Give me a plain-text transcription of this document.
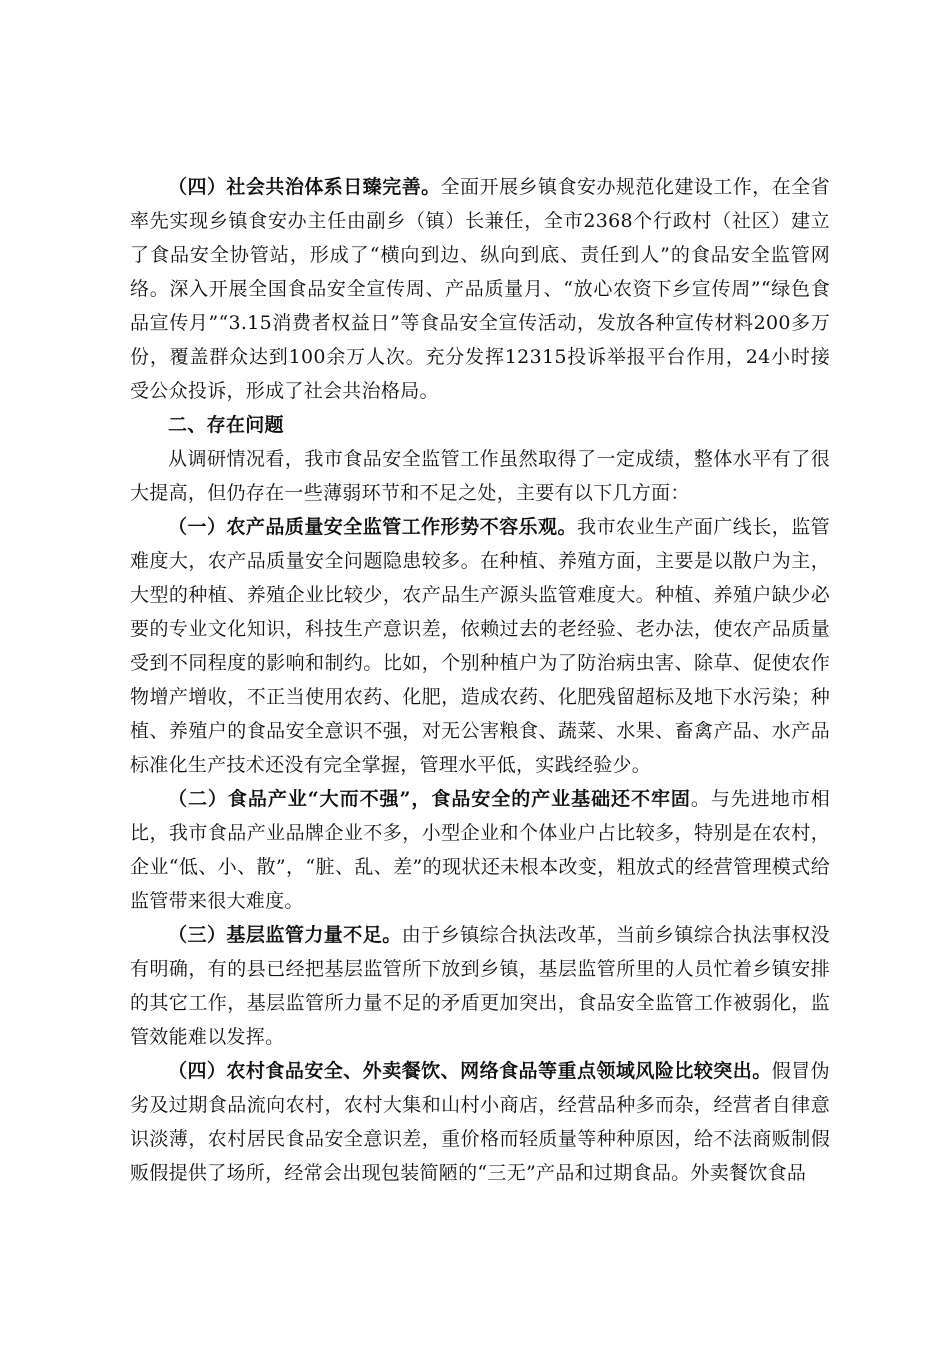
（四）社会共治体系日臻完善。全面开展乡镇食安办规范化建设工作，在全省率先实现乡镇食安办主任由副乡（镇）长兼任，全市2368个行政村（社区）建立了食品安全协管站，形成了“横向到边、纵向到底、责任到人”的食品安全监管网络。深入开展全国食品安全宣传周、产品质量月、“放心农资下乡宣传周”“绿色食品宣传月”“3.15消费者权益日”等食品安全宣传活动，发放各种宣传材料200多万份，覆盖群众达到100余万人次。充分发挥12315投诉举报平台作用，24小时接受公众投诉，形成了社会共治格局。

二、存在问题

从调研情况看，我市食品安全监管工作虽然取得了一定成绩，整体水平有了很大提高，但仍存在一些薄弱环节和不足之处，主要有以下几方面：

（一）农产品质量安全监管工作形势不容乐观。我市农业生产面广线长，监管难度大，农产品质量安全问题隐患较多。在种植、养殖方面，主要是以散户为主，大型的种植、养殖企业比较少，农产品生产源头监管难度大。种植、养殖户缺少必要的专业文化知识，科技生产意识差，依赖过去的老经验、老办法，使农产品质量受到不同程度的影响和制约。比如，个别种植户为了防治病虫害、除草、促使农作物增产增收，不正当使用农药、化肥，造成农药、化肥残留超标及地下水污染；种植、养殖户的食品安全意识不强，对无公害粮食、蔬菜、水果、畜禽产品、水产品标准化生产技术还没有完全掌握，管理水平低，实践经验少。

（二）食品产业“大而不强”，食品安全的产业基础还不牢固。与先进地市相比，我市食品产业品牌企业不多，小型企业和个体业户占比较多，特别是在农村，企业“低、小、散”，“脏、乱、差”的现状还未根本改变，粗放式的经营管理模式给监管带来很大难度。

（三）基层监管力量不足。由于乡镇综合执法改革，当前乡镇综合执法事权没有明确，有的县已经把基层监管所下放到乡镇，基层监管所里的人员忙着乡镇安排的其它工作，基层监管所力量不足的矛盾更加突出，食品安全监管工作被弱化，监管效能难以发挥。

（四）农村食品安全、外卖餐饮、网络食品等重点领域风险比较突出。假冒伪劣及过期食品流向农村，农村大集和山村小商店，经营品种多而杂，经营者自律意识淡薄，农村居民食品安全意识差，重价格而轻质量等种种原因，给不法商贩制假贩假提供了场所，经常会出现包装简陋的“三无”产品和过期食品。外卖餐饮食品
